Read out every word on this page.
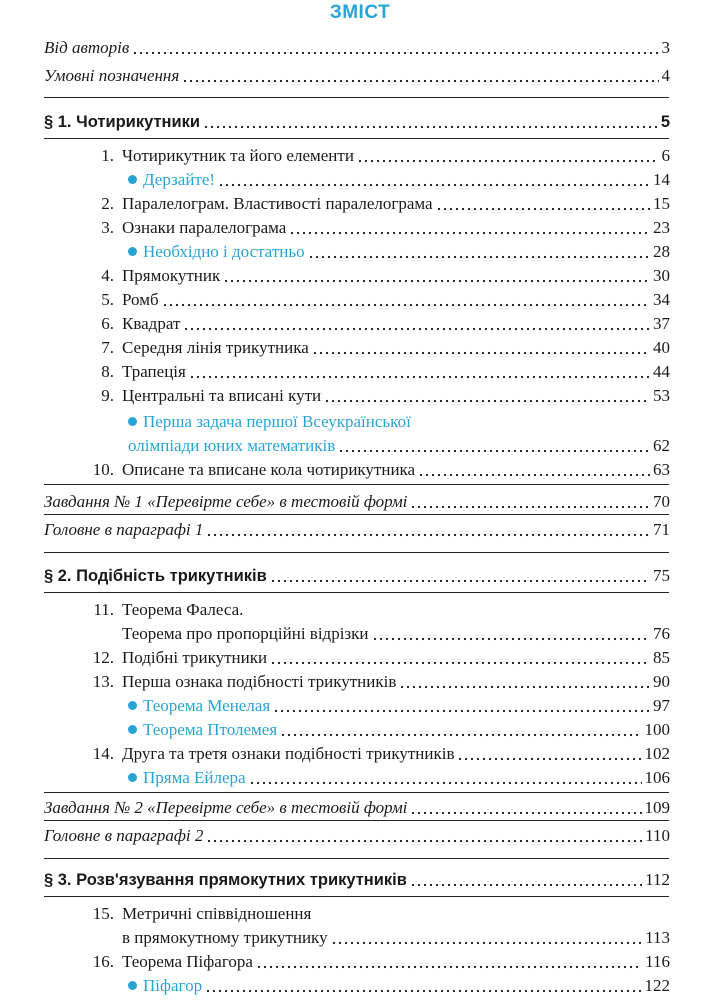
ЗМІСТ
Від авторів	3
Умовні позначення	4
§ 1. Чотирикутники	5
1. Чотирикутник та його елементи	6
Дерзайте!	14
2. Паралелограм. Властивості паралелограма	15
3. Ознаки паралелограма	23
Необхідно і достатньо	28
4. Прямокутник	30
5. Ромб	34
6. Квадрат	37
7. Середня лінія трикутника	40
8. Трапеція	44
9. Центральні та вписані кути	53
Перша задача першої Всеукраїнської
олімпіади юних математиків	62
10. Описане та вписане кола чотирикутника	63
Завдання № 1 «Перевірте себе» в тестовій формі	70
Головне в параграфі 1	71
§ 2. Подібність трикутників	75
11. Теорема Фалеса.
Теорема про пропорційні відрізки	76
12. Подібні трикутники	85
13. Перша ознака подібності трикутників	90
Теорема Менелая	97
Теорема Птолемея	100
14. Друга та третя ознаки подібності трикутників	102
Пряма Ейлера	106
Завдання № 2 «Перевірте себе» в тестовій формі	109
Головне в параграфі 2	110
§ 3. Розв'язування прямокутних трикутників	112
15. Метричні співвідношення
в прямокутному трикутнику	113
16. Теорема Піфагора	116
Піфагор	122
